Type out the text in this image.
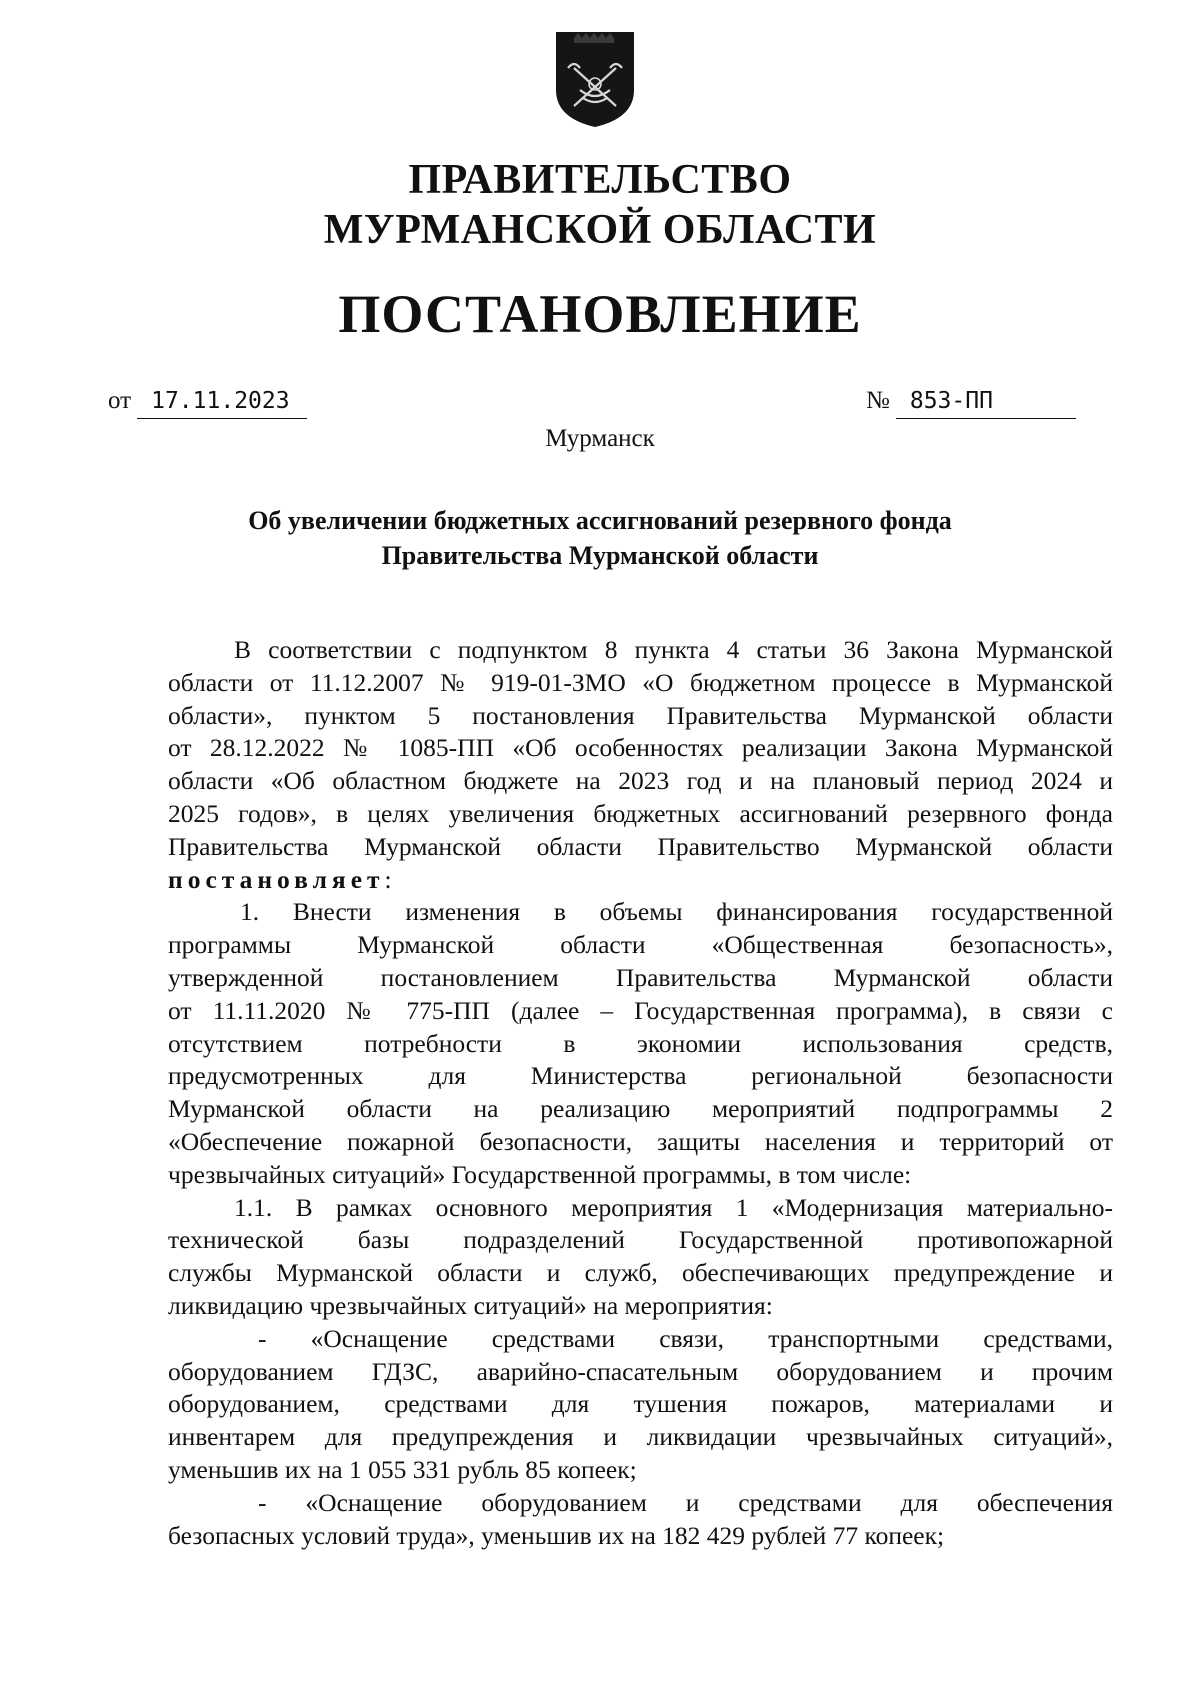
ПРАВИТЕЛЬСТВО
МУРМАНСКОЙ ОБЛАСТИ
ПОСТАНОВЛЕНИЕ
от 17.11.2023	№ 853-ПП
Мурманск
Об увеличении бюджетных ассигнований резервного фонда
Правительства Мурманской области
В соответствии с подпунктом 8 пункта 4 статьи 36 Закона Мурманской
области от 11.12.2007 № 919-01-ЗМО «О бюджетном процессе в Мурманской
области», пунктом 5 постановления Правительства Мурманской области
от 28.12.2022 № 1085-ПП «Об особенностях реализации Закона Мурманской
области «Об областном бюджете на 2023 год и на плановый период 2024 и
2025 годов», в целях увеличения бюджетных ассигнований резервного фонда
Правительства Мурманской области Правительство Мурманской области
постановляет:
1. Внести изменения в объемы финансирования государственной
программы Мурманской области «Общественная безопасность»,
утвержденной постановлением Правительства Мурманской области
от 11.11.2020 № 775-ПП (далее – Государственная программа), в связи с
отсутствием потребности в экономии использования средств,
предусмотренных для Министерства региональной безопасности
Мурманской области на реализацию мероприятий подпрограммы 2
«Обеспечение пожарной безопасности, защиты населения и территорий от
чрезвычайных ситуаций» Государственной программы, в том числе:
1.1. В рамках основного мероприятия 1 «Модернизация материально-
технической базы подразделений Государственной противопожарной
службы Мурманской области и служб, обеспечивающих предупреждение и
ликвидацию чрезвычайных ситуаций» на мероприятия:
- «Оснащение средствами связи, транспортными средствами,
оборудованием ГДЗС, аварийно-спасательным оборудованием и прочим
оборудованием, средствами для тушения пожаров, материалами и
инвентарем для предупреждения и ликвидации чрезвычайных ситуаций»,
уменьшив их на 1 055 331 рубль 85 копеек;
- «Оснащение оборудованием и средствами для обеспечения
безопасных условий труда», уменьшив их на 182 429 рублей 77 копеек;
